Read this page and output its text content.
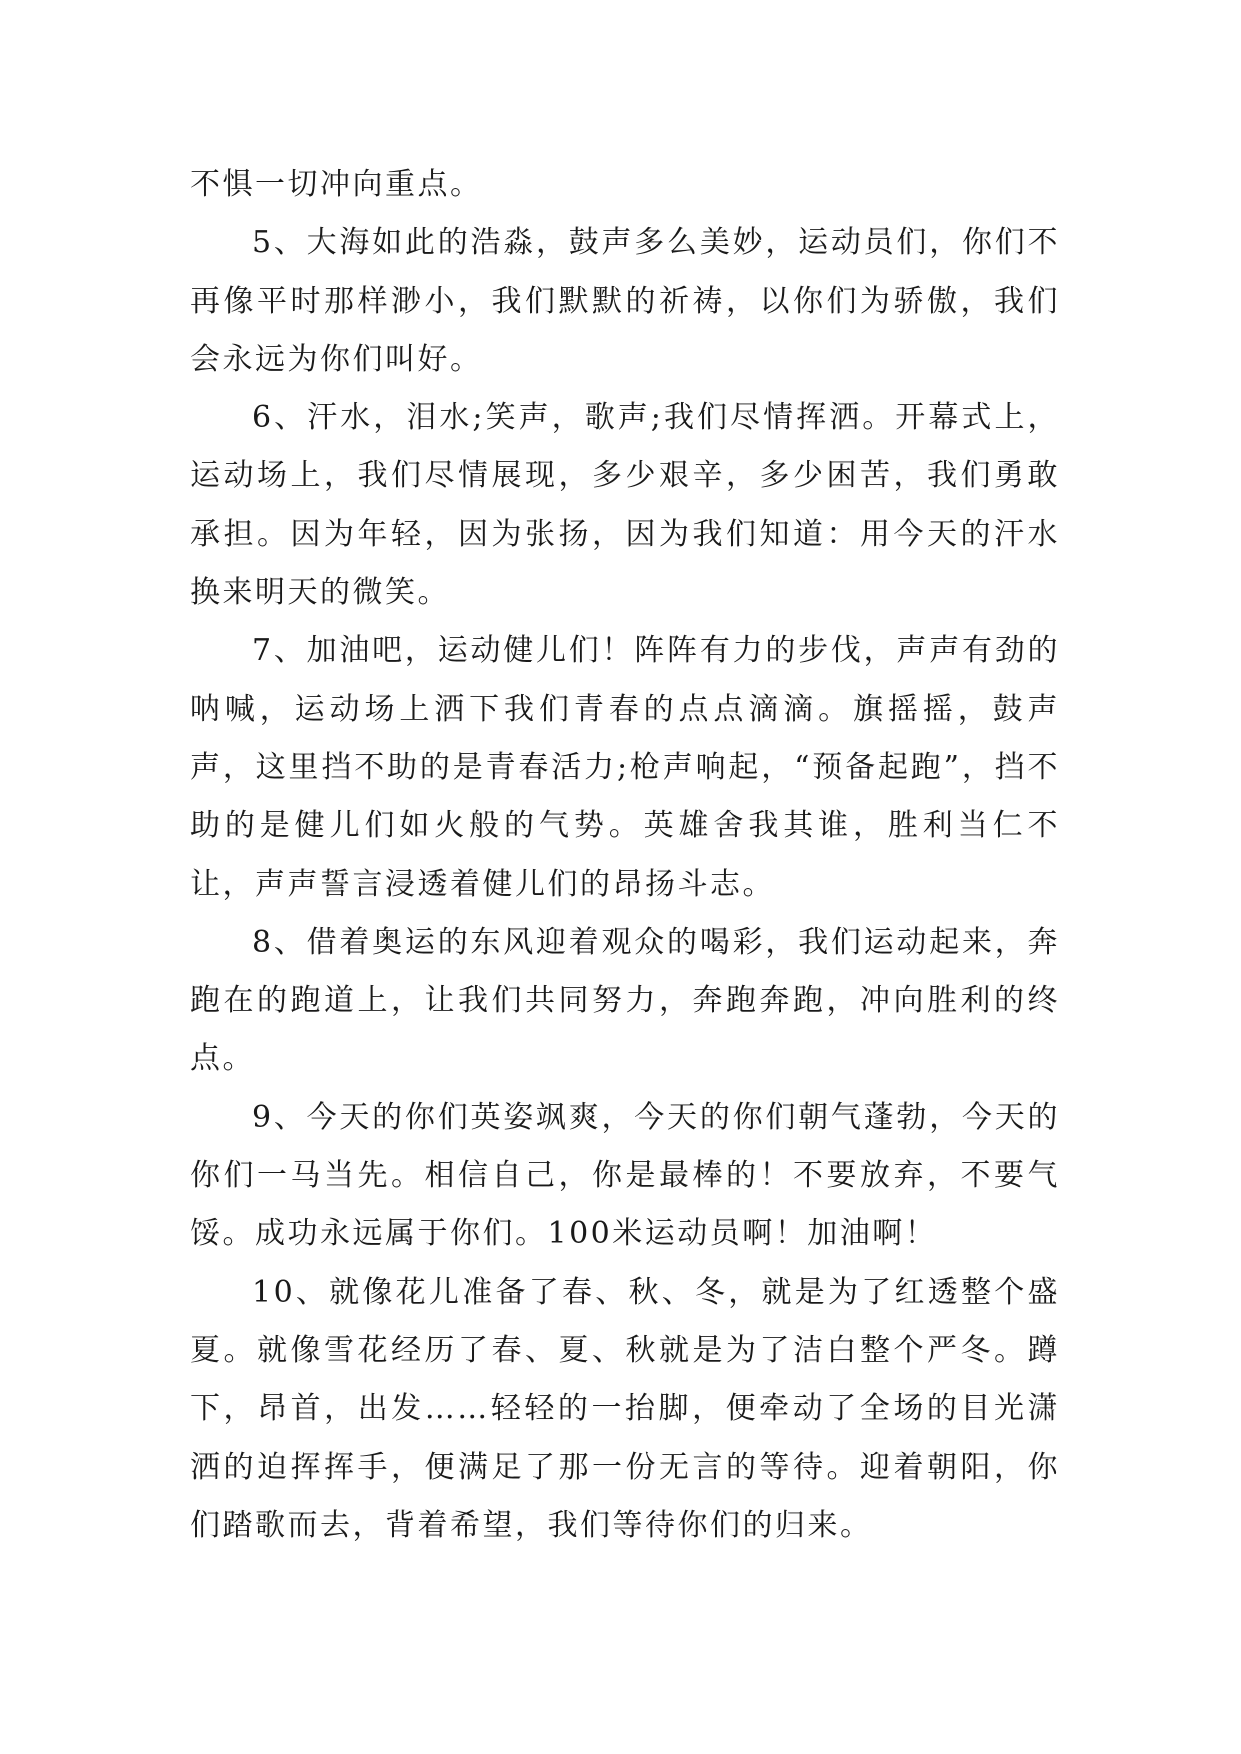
不惧一切冲向重点。

5、大海如此的浩淼，鼓声多么美妙，运动员们，你们不再像平时那样渺小，我们默默的祈祷，以你们为骄傲，我们会永远为你们叫好。

6、汗水，泪水;笑声，歌声;我们尽情挥洒。开幕式上，运动场上，我们尽情展现，多少艰辛，多少困苦，我们勇敢承担。因为年轻，因为张扬，因为我们知道：用今天的汗水换来明天的微笑。

7、加油吧，运动健儿们！阵阵有力的步伐，声声有劲的呐喊，运动场上洒下我们青春的点点滴滴。旗摇摇，鼓声声，这里挡不助的是青春活力;枪声响起，“预备起跑”，挡不助的是健儿们如火般的气势。英雄舍我其谁，胜利当仁不让，声声誓言浸透着健儿们的昂扬斗志。

8、借着奥运的东风迎着观众的喝彩，我们运动起来，奔跑在的跑道上，让我们共同努力，奔跑奔跑，冲向胜利的终点。

9、今天的你们英姿飒爽，今天的你们朝气蓬勃，今天的你们一马当先。相信自己，你是最棒的！不要放弃，不要气馁。成功永远属于你们。100米运动员啊！加油啊！

10、就像花儿准备了春、秋、冬，就是为了红透整个盛夏。就像雪花经历了春、夏、秋就是为了洁白整个严冬。蹲下，昂首，出发……轻轻的一抬脚，便牵动了全场的目光潇洒的迫挥挥手，便满足了那一份无言的等待。迎着朝阳，你们踏歌而去，背着希望，我们等待你们的归来。
